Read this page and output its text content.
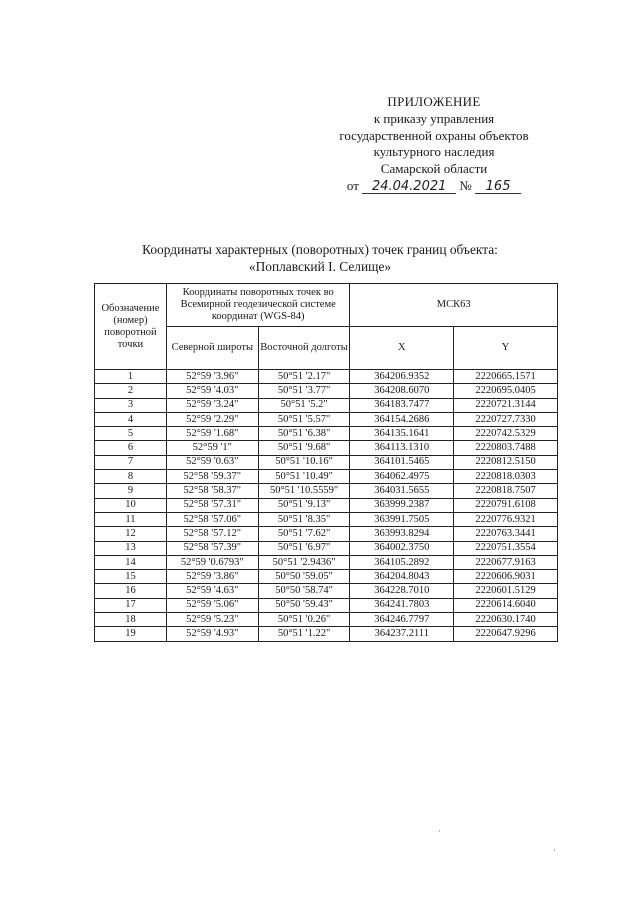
ПРИЛОЖЕНИЕ
к приказу управления
государственной охраны объектов
культурного наследия
Самарской области
от 24.04.2021 № 165
Координаты характерных (поворотных) точек границ объекта:
«Поплавский I. Селище»
Обозначение (номер) поворотной точки	Координаты поворотных точек во Всемирной геодезической системе координат (WGS-84)		МСК63	
	Северной широты	Восточной долготы	X	Y
1	52°59 '3.96"	50°51 '2.17"	364206.9352	2220665.1571
2	52°59 '4.03"	50°51 '3.77"	364208.6070	2220695.0405
3	52°59 '3.24"	50°51 '5.2"	364183.7477	2220721.3144
4	52°59 '2.29"	50°51 '5.57"	364154.2686	2220727.7330
5	52°59 '1.68"	50°51 '6.38"	364135.1641	2220742.5329
6	52°59 '1"	50°51 '9.68"	364113.1310	2220803.7488
7	52°59 '0.63"	50°51 '10.16"	364101.5465	2220812.5150
8	52°58 '59.37"	50°51 '10.49"	364062.4975	2220818.0303
9	52°58 '58.37"	50°51 '10.5559"	364031.5655	2220818.7507
10	52°58 '57.31"	50°51 '9.13"	363999.2387	2220791.6108
11	52°58 '57.06"	50°51 '8.35"	363991.7505	2220776.9321
12	52°58 '57.12"	50°51 '7.62"	363993.8294	2220763.3441
13	52°58 '57.39"	50°51 '6.97"	364002.3750	2220751.3554
14	52°59 '0.6793"	50°51 '2.9436"	364105.2892	2220677.9163
15	52°59 '3.86"	50°50 '59.05"	364204.8043	2220606.9031
16	52°59 '4.63"	50°50 '58.74"	364228.7010	2220601.5129
17	52°59 '5.06"	50°50 '59.43"	364241.7803	2220614.6040
18	52°59 '5.23"	50°51 '0.26"	364246.7797	2220630.1740
19	52°59 '4.93"	50°51 '1.22"	364237.2111	2220647.9296
·
·
